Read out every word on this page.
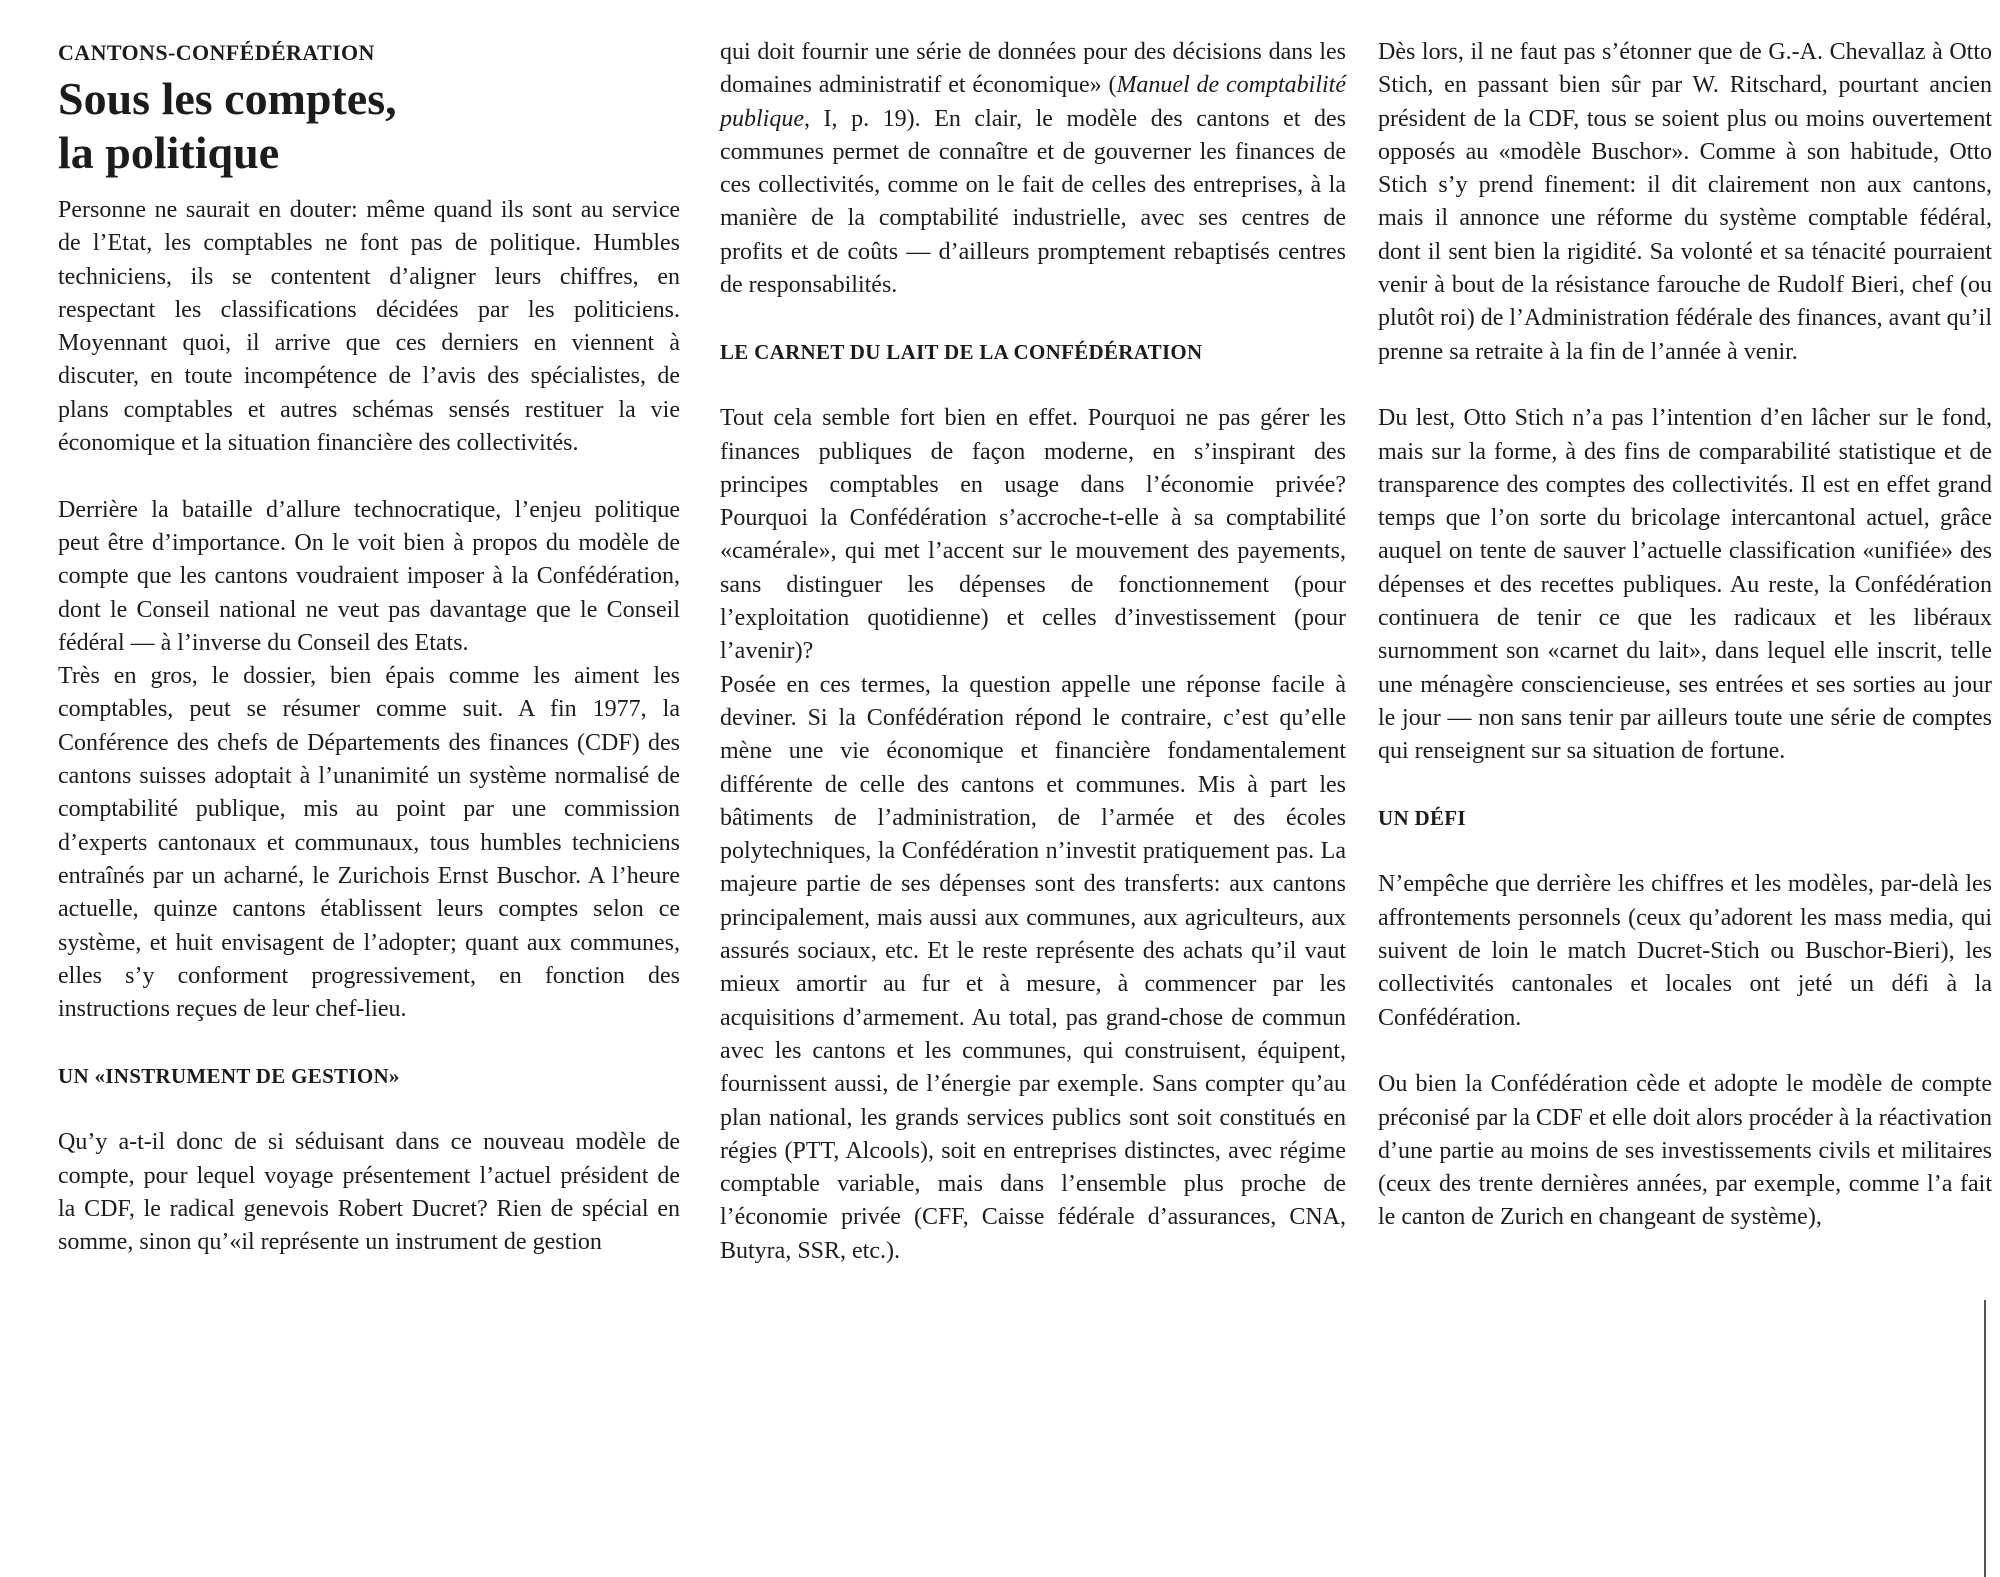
CANTONS-CONFÉDÉRATION
Sous les comptes,
la politique

Personne ne saurait en douter: même quand ils sont au service de l’Etat, les comptables ne font pas de politique. Humbles techniciens, ils se contentent d’aligner leurs chiffres, en respectant les classifications décidées par les politiciens. Moyennant quoi, il arrive que ces derniers en viennent à discuter, en toute incompétence de l’avis des spécialistes, de plans comptables et autres schémas sensés restituer la vie économique et la situation financière des collectivités.

Derrière la bataille d’allure technocratique, l’enjeu politique peut être d’importance. On le voit bien à propos du modèle de compte que les cantons voudraient imposer à la Confédération, dont le Conseil national ne veut pas davantage que le Conseil fédéral — à l’inverse du Conseil des Etats.

Très en gros, le dossier, bien épais comme les aiment les comptables, peut se résumer comme suit. A fin 1977, la Conférence des chefs de Départements des finances (CDF) des cantons suisses adoptait à l’unanimité un système normalisé de comptabilité publique, mis au point par une commission d’experts cantonaux et communaux, tous humbles techniciens entraînés par un acharné, le Zurichois Ernst Buschor. A l’heure actuelle, quinze cantons établissent leurs comptes selon ce système, et huit envisagent de l’adopter; quant aux communes, elles s’y conforment progressivement, en fonction des instructions reçues de leur chef-lieu.

UN «INSTRUMENT DE GESTION»

Qu’y a-t-il donc de si séduisant dans ce nouveau modèle de compte, pour lequel voyage présentement l’actuel président de la CDF, le radical genevois Robert Ducret? Rien de spécial en somme, sinon qu’«il représente un instrument de gestion

qui doit fournir une série de données pour des décisions dans les domaines administratif et économique» (Manuel de comptabilité publique, I, p. 19). En clair, le modèle des cantons et des communes permet de connaître et de gouverner les finances de ces collectivités, comme on le fait de celles des entreprises, à la manière de la comptabilité industrielle, avec ses centres de profits et de coûts — d’ailleurs promptement rebaptisés centres de responsabilités.

LE CARNET DU LAIT DE LA CONFÉDÉRATION

Tout cela semble fort bien en effet. Pourquoi ne pas gérer les finances publiques de façon moderne, en s’inspirant des principes comptables en usage dans l’économie privée? Pourquoi la Confédération s’accroche-t-elle à sa comptabilité «camérale», qui met l’accent sur le mouvement des payements, sans distinguer les dépenses de fonctionnement (pour l’exploitation quotidienne) et celles d’investissement (pour l’avenir)?

Posée en ces termes, la question appelle une réponse facile à deviner. Si la Confédération répond le contraire, c’est qu’elle mène une vie économique et financière fondamentalement différente de celle des cantons et communes. Mis à part les bâtiments de l’administration, de l’armée et des écoles polytechniques, la Confédération n’investit pratiquement pas. La majeure partie de ses dépenses sont des transferts: aux cantons principalement, mais aussi aux communes, aux agriculteurs, aux assurés sociaux, etc. Et le reste représente des achats qu’il vaut mieux amortir au fur et à mesure, à commencer par les acquisitions d’armement. Au total, pas grand-chose de commun avec les cantons et les communes, qui construisent, équipent, fournissent aussi, de l’énergie par exemple. Sans compter qu’au plan national, les grands services publics sont soit constitués en régies (PTT, Alcools), soit en entreprises distinctes, avec régime comptable variable, mais dans l’ensemble plus proche de l’économie privée (CFF, Caisse fédérale d’assurances, CNA, Butyra, SSR, etc.).

Dès lors, il ne faut pas s’étonner que de G.-A. Chevallaz à Otto Stich, en passant bien sûr par W. Ritschard, pourtant ancien président de la CDF, tous se soient plus ou moins ouvertement opposés au «modèle Buschor». Comme à son habitude, Otto Stich s’y prend finement: il dit clairement non aux cantons, mais il annonce une réforme du système comptable fédéral, dont il sent bien la rigidité. Sa volonté et sa ténacité pourraient venir à bout de la résistance farouche de Rudolf Bieri, chef (ou plutôt roi) de l’Administration fédérale des finances, avant qu’il prenne sa retraite à la fin de l’année à venir.

Du lest, Otto Stich n’a pas l’intention d’en lâcher sur le fond, mais sur la forme, à des fins de comparabilité statistique et de transparence des comptes des collectivités. Il est en effet grand temps que l’on sorte du bricolage intercantonal actuel, grâce auquel on tente de sauver l’actuelle classification «unifiée» des dépenses et des recettes publiques. Au reste, la Confédération continuera de tenir ce que les radicaux et les libéraux surnomment son «carnet du lait», dans lequel elle inscrit, telle une ménagère consciencieuse, ses entrées et ses sorties au jour le jour — non sans tenir par ailleurs toute une série de comptes qui renseignent sur sa situation de fortune.

UN DÉFI

N’empêche que derrière les chiffres et les modèles, par-delà les affrontements personnels (ceux qu’adorent les mass media, qui suivent de loin le match Ducret-Stich ou Buschor-Bieri), les collectivités cantonales et locales ont jeté un défi à la Confédération.

Ou bien la Confédération cède et adopte le modèle de compte préconisé par la CDF et elle doit alors procéder à la réactivation d’une partie au moins de ses investissements civils et militaires (ceux des trente dernières années, par exemple, comme l’a fait le canton de Zurich en changeant de système),
